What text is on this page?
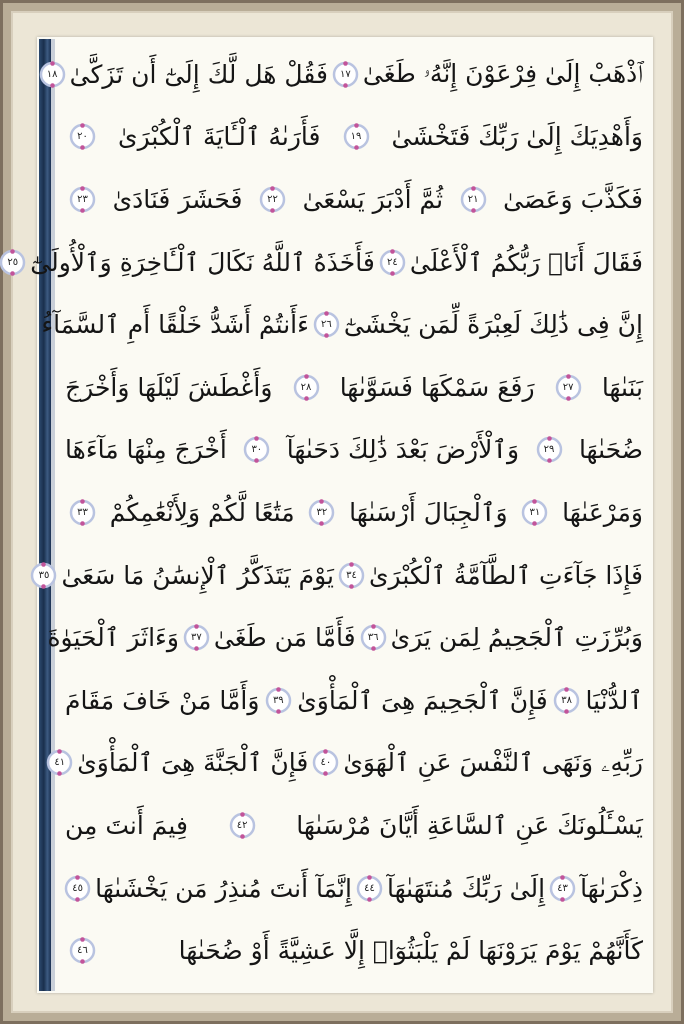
ٱذْهَبْ إِلَىٰ فِرْعَوْنَ إِنَّهُۥ طَغَىٰ
١٧
فَقُلْ هَل لَّكَ إِلَىٰٓ أَن تَزَكَّىٰ
١٨
وَأَهْدِيَكَ إِلَىٰ رَبِّكَ فَتَخْشَىٰ
١٩
فَأَرَىٰهُ ٱلْـَٔايَةَ ٱلْكُبْرَىٰ
٢٠
فَكَذَّبَ وَعَصَىٰ
٢١
ثُمَّ أَدْبَرَ يَسْعَىٰ
٢٢
فَحَشَرَ فَنَادَىٰ
٢٣
فَقَالَ أَنَا۠ رَبُّكُمُ ٱلْأَعْلَىٰ
٢٤
فَأَخَذَهُ ٱللَّهُ نَكَالَ ٱلْـَٔاخِرَةِ وَٱلْأُولَىٰٓ
٢٥
إِنَّ فِى ذَٰلِكَ لَعِبْرَةً لِّمَن يَخْشَىٰٓ
٢٦
ءَأَنتُمْ أَشَدُّ خَلْقًا أَمِ ٱلسَّمَآءُ
بَنَىٰهَا
٢٧
رَفَعَ سَمْكَهَا فَسَوَّىٰهَا
٢٨
وَأَغْطَشَ لَيْلَهَا وَأَخْرَجَ
ضُحَىٰهَا
٢٩
وَٱلْأَرْضَ بَعْدَ ذَٰلِكَ دَحَىٰهَآ
٣٠
أَخْرَجَ مِنْهَا مَآءَهَا
وَمَرْعَىٰهَا
٣١
وَٱلْجِبَالَ أَرْسَىٰهَا
٣٢
مَتَٰعًا لَّكُمْ وَلِأَنْعَٰمِكُمْ
٣٣
فَإِذَا جَآءَتِ ٱلطَّآمَّةُ ٱلْكُبْرَىٰ
٣٤
يَوْمَ يَتَذَكَّرُ ٱلْإِنسَٰنُ مَا سَعَىٰ
٣٥
وَبُرِّزَتِ ٱلْجَحِيمُ لِمَن يَرَىٰ
٣٦
فَأَمَّا مَن طَغَىٰ
٣٧
وَءَاثَرَ ٱلْحَيَوٰةَ
ٱلدُّنْيَا
٣٨
فَإِنَّ ٱلْجَحِيمَ هِىَ ٱلْمَأْوَىٰ
٣٩
وَأَمَّا مَنْ خَافَ مَقَامَ
رَبِّهِۦ وَنَهَى ٱلنَّفْسَ عَنِ ٱلْهَوَىٰ
٤٠
فَإِنَّ ٱلْجَنَّةَ هِىَ ٱلْمَأْوَىٰ
٤١
يَسْـَٔلُونَكَ عَنِ ٱلسَّاعَةِ أَيَّانَ مُرْسَىٰهَا
٤٢
فِيمَ أَنتَ مِن
ذِكْرَىٰهَآ
٤٣
إِلَىٰ رَبِّكَ مُنتَهَىٰهَآ
٤٤
إِنَّمَآ أَنتَ مُنذِرُ مَن يَخْشَىٰهَا
٤٥
كَأَنَّهُمْ يَوْمَ يَرَوْنَهَا لَمْ يَلْبَثُوٓا۟ إِلَّا عَشِيَّةً أَوْ ضُحَىٰهَا
٤٦
